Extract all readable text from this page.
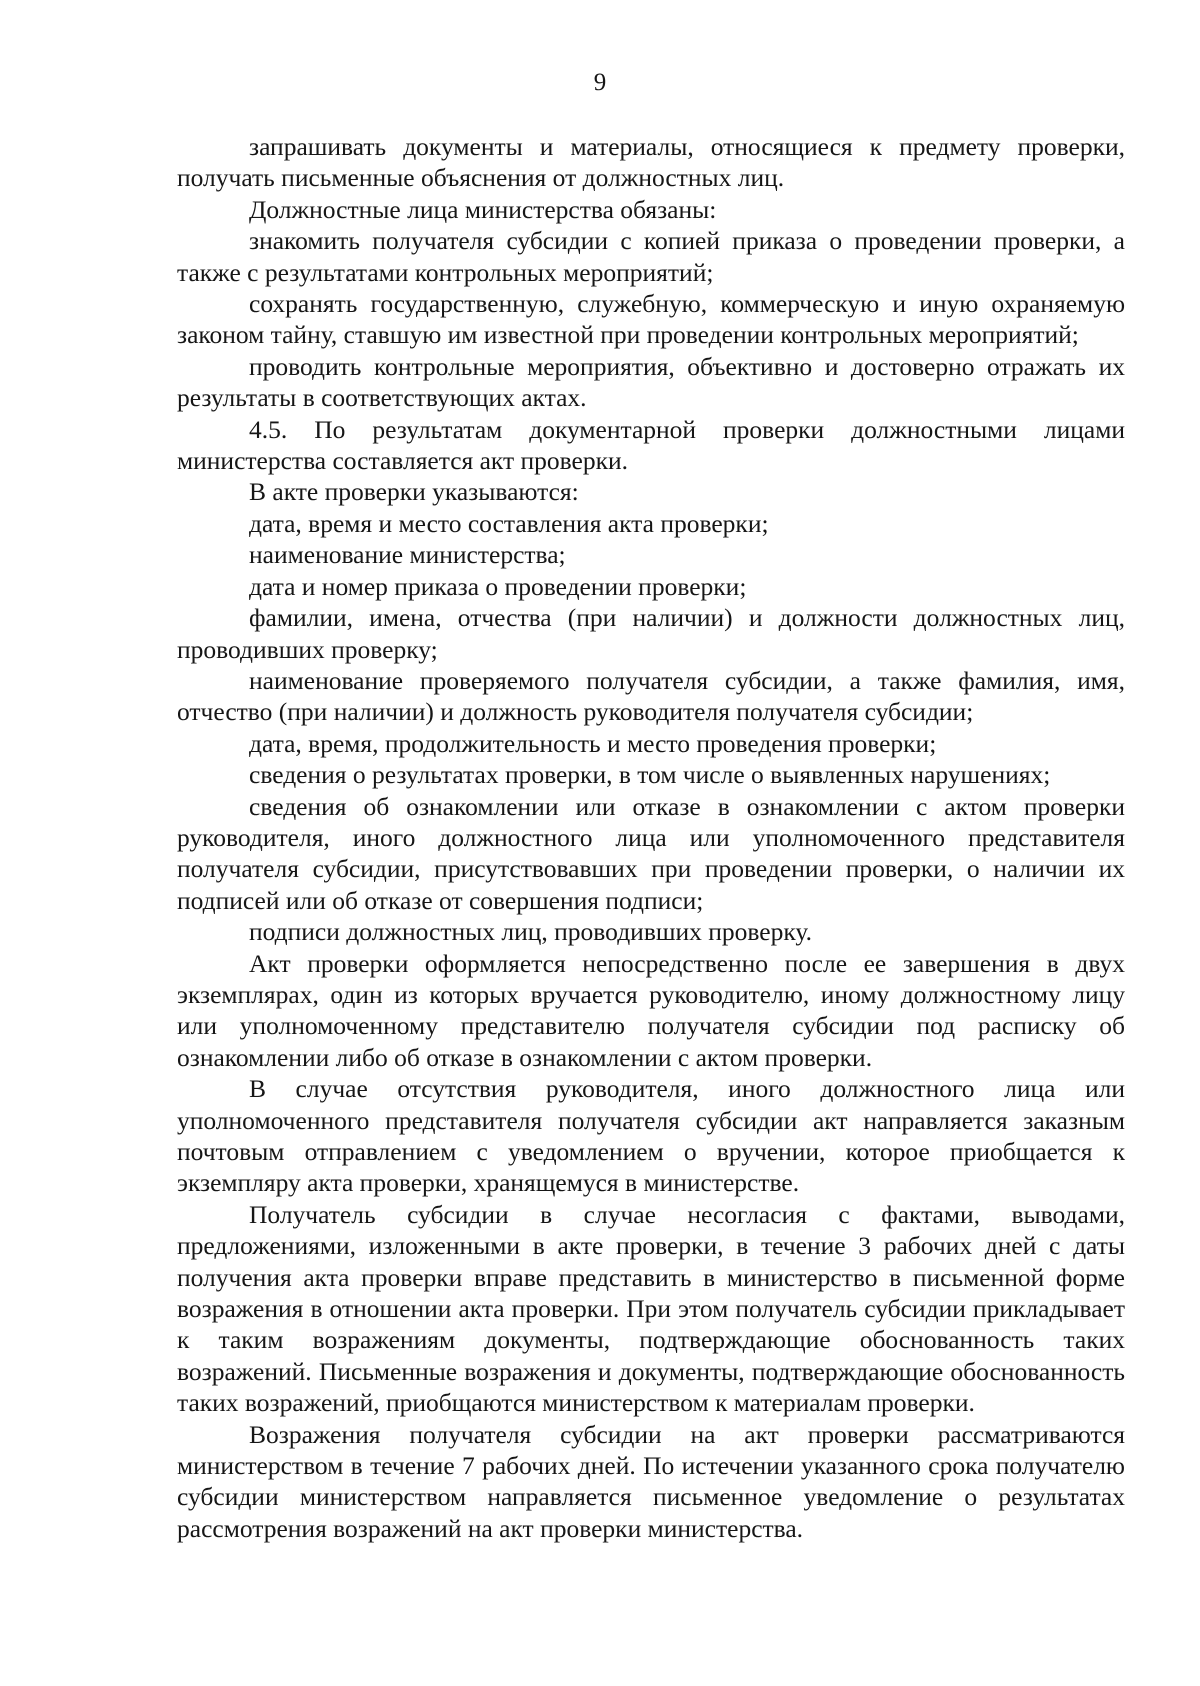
9

запрашивать документы и материалы, относящиеся к предмету проверки, получать письменные объяснения от должностных лиц.

Должностные лица министерства обязаны:

знакомить получателя субсидии с копией приказа о проведении проверки, а также с результатами контрольных мероприятий;

сохранять государственную, служебную, коммерческую и иную охраняемую законом тайну, ставшую им известной при проведении контрольных мероприятий;

проводить контрольные мероприятия, объективно и достоверно отражать их результаты в соответствующих актах.

4.5. По результатам документарной проверки должностными лицами министерства составляется акт проверки.

В акте проверки указываются:

дата, время и место составления акта проверки;

наименование министерства;

дата и номер приказа о проведении проверки;

фамилии, имена, отчества (при наличии) и должности должностных лиц, проводивших проверку;

наименование проверяемого получателя субсидии, а также фамилия, имя, отчество (при наличии) и должность руководителя получателя субсидии;

дата, время, продолжительность и место проведения проверки;

сведения о результатах проверки, в том числе о выявленных нарушениях;

сведения об ознакомлении или отказе в ознакомлении с актом проверки руководителя, иного должностного лица или уполномоченного представителя получателя субсидии, присутствовавших при проведении проверки, о наличии их подписей или об отказе от совершения подписи;

подписи должностных лиц, проводивших проверку.

Акт проверки оформляется непосредственно после ее завершения в двух экземплярах, один из которых вручается руководителю, иному должностному лицу или уполномоченному представителю получателя субсидии под расписку об ознакомлении либо об отказе в ознакомлении с актом проверки.

В случае отсутствия руководителя, иного должностного лица или уполномоченного представителя получателя субсидии акт направляется заказным почтовым отправлением с уведомлением о вручении, которое приобщается к экземпляру акта проверки, хранящемуся в министерстве.

Получатель субсидии в случае несогласия с фактами, выводами, предложениями, изложенными в акте проверки, в течение 3 рабочих дней с даты получения акта проверки вправе представить в министерство в письменной форме возражения в отношении акта проверки. При этом получатель субсидии прикладывает к таким возражениям документы, подтверждающие обоснованность таких возражений. Письменные возражения и документы, подтверждающие обоснованность таких возражений, приобщаются министерством к материалам проверки.

Возражения получателя субсидии на акт проверки рассматриваются министерством в течение 7 рабочих дней. По истечении указанного срока получателю субсидии министерством направляется письменное уведомление о результатах рассмотрения возражений на акт проверки министерства.
